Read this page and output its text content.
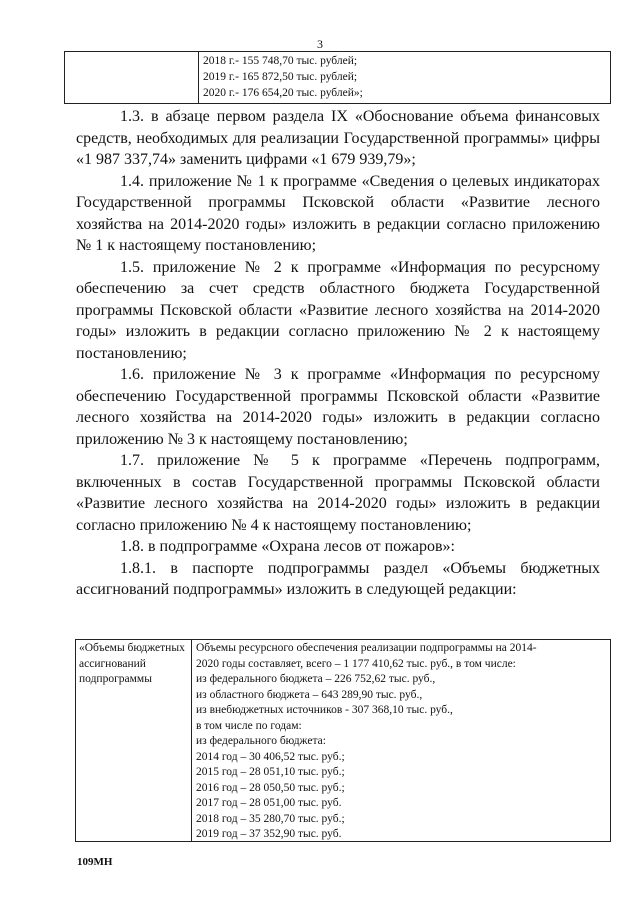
3
2018 г.- 155 748,70 тыс. рублей;
2019 г.- 165 872,50 тыс. рублей;
2020 г.- 176 654,20 тыс. рублей»;

1.3. в абзаце первом раздела IX «Обоснование объема финансовых средств, необходимых для реализации Государственной программы» цифры «1 987 337,74» заменить цифрами «1 679 939,79»;

1.4. приложение № 1 к программе «Сведения о целевых индикаторах Государственной программы Псковской области «Развитие лесного хозяйства на 2014-2020 годы» изложить в редакции согласно приложению № 1 к настоящему постановлению;

1.5. приложение № 2 к программе «Информация по ресурсному обеспечению за счет средств областного бюджета Государственной программы Псковской области «Развитие лесного хозяйства на 2014-2020 годы» изложить в редакции согласно приложению № 2 к настоящему постановлению;

1.6. приложение № 3 к программе «Информация по ресурсному обеспечению Государственной программы Псковской области «Развитие лесного хозяйства на 2014-2020 годы» изложить в редакции согласно приложению № 3 к настоящему постановлению;

1.7. приложение № 5 к программе «Перечень подпрограмм, включенных в состав Государственной программы Псковской области «Развитие лесного хозяйства на 2014-2020 годы» изложить в редакции согласно приложению № 4 к настоящему постановлению;

1.8. в подпрограмме «Охрана лесов от пожаров»:

1.8.1. в паспорте подпрограммы раздел «Объемы бюджетных ассигнований подпрограммы» изложить в следующей редакции:

«Объемы бюджетных ассигнований подпрограммы
Объемы ресурсного обеспечения реализации подпрограммы на 2014-
2020 годы составляет, всего – 1 177 410,62 тыс. руб., в том числе:
из федерального бюджета – 226 752,62 тыс. руб.,
из областного бюджета – 643 289,90 тыс. руб.,
из внебюджетных источников - 307 368,10 тыс. руб.,
в том числе по годам:
из федерального бюджета:
2014 год – 30 406,52 тыс. руб.;
2015 год – 28 051,10 тыс. руб.;
2016 год – 28 050,50 тыс. руб.;
2017 год – 28 051,00 тыс. руб.
2018 год – 35 280,70 тыс. руб.;
2019 год – 37 352,90 тыс. руб.
109МН
